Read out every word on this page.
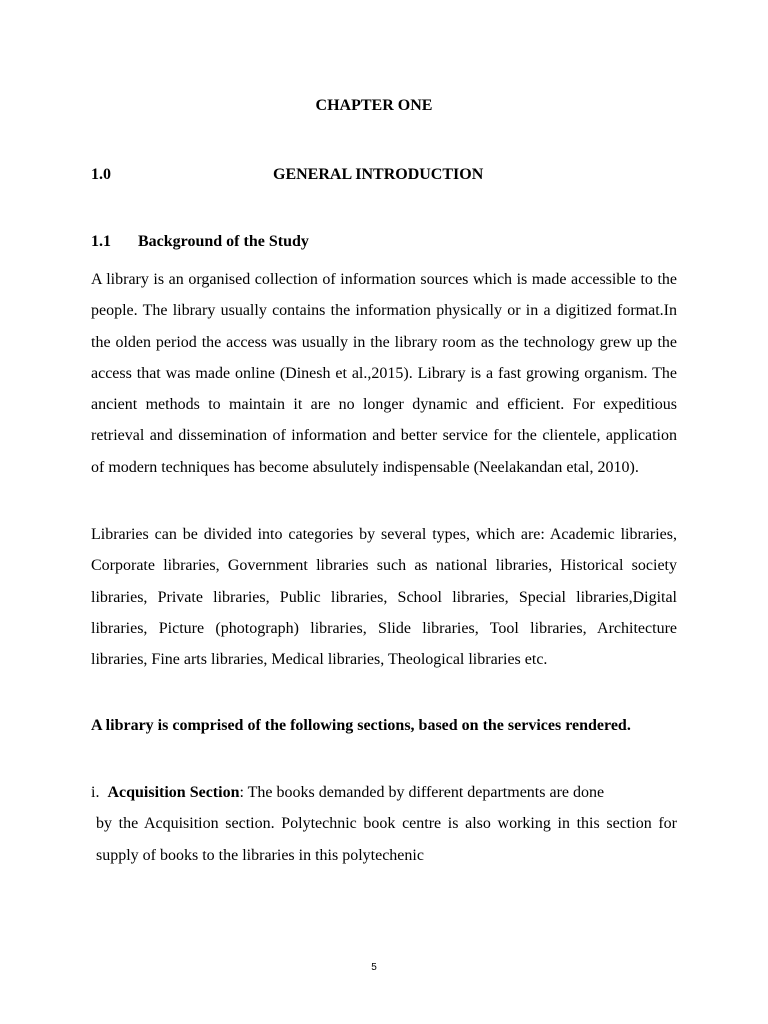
CHAPTER ONE
1.0	GENERAL INTRODUCTION
1.1 Background of the Study

A library is an organised collection of information sources which is made accessible to the people. The library usually contains the information physically or in a digitized format.In the olden period the access was usually in the library room as the technology grew up the access that was made online (Dinesh et al.,2015). Library is a fast growing organism. The ancient methods to maintain it are no longer dynamic and efficient. For expeditious retrieval and dissemination of information and better service for the clientele, application of modern techniques has become absulutely indispensable (Neelakandan etal, 2010).

Libraries can be divided into categories by several types, which are: Academic libraries, Corporate libraries, Government libraries such as national libraries, Historical society libraries, Private libraries, Public libraries, School libraries, Special libraries,Digital libraries, Picture (photograph) libraries, Slide libraries, Tool libraries, Architecture libraries, Fine arts libraries, Medical libraries, Theological libraries etc.

A library is comprised of the following sections, based on the services rendered.

i. Acquisition Section: The books demanded by different departments are done
by the Acquisition section. Polytechnic book centre is also working in this section for supply of books to the libraries in this polytechenic

5
